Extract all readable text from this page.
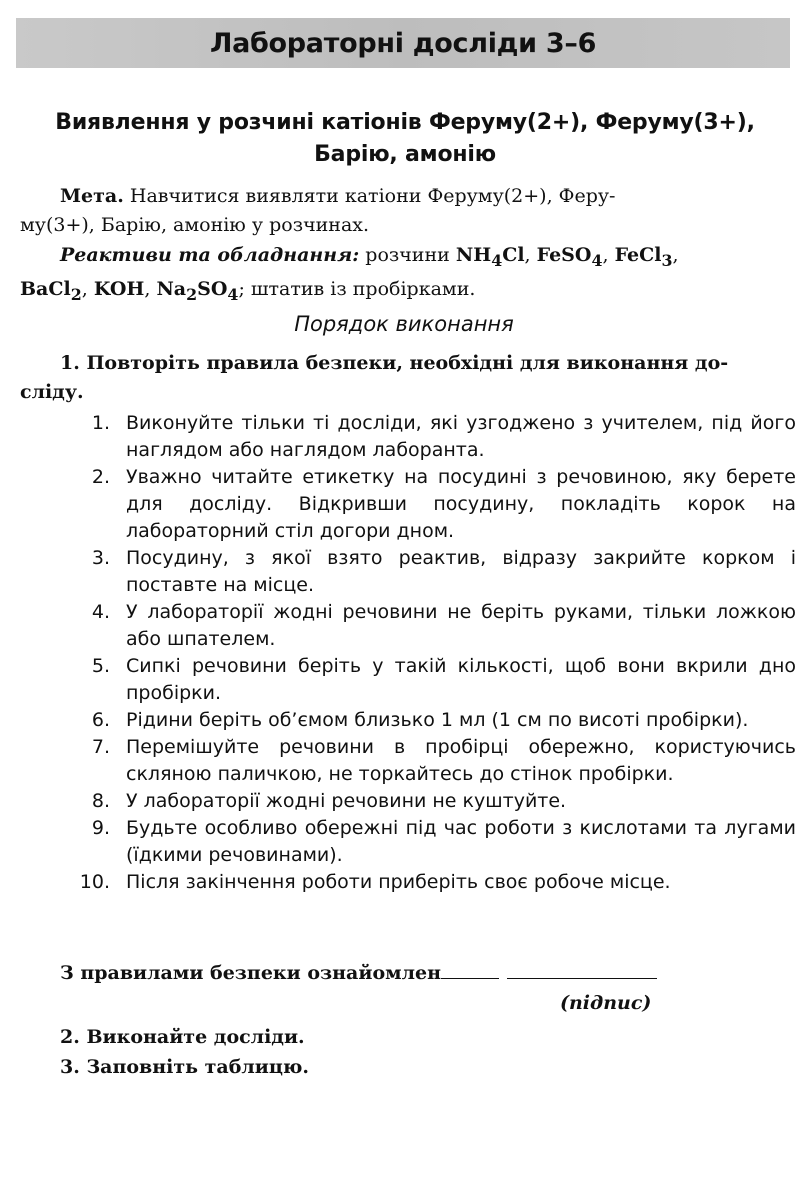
Лабораторні досліди 3–6
Виявлення у розчині катіонів Феруму(2+), Феруму(3+),
Барію, амонію
Мета. Навчитися виявляти катіони Феруму(2+), Феру-
му(3+), Барію, амонію у розчинах.
Реактиви та обладнання: розчини $NH_4Cl$, FeSO$_4$, FeCl$_3$,
BaCl$_2$, KOH, $Na_2SO_4$; штатив із пробірками.
Порядок виконання
1. Повторіть правила безпеки, необхідні для виконання до-
сліду.
1. Виконуйте тільки ті досліди, які узгоджено з учителем, під його наглядом або наглядом лаборанта.
2. Уважно читайте етикетку на посудині з речовиною, яку берете для досліду. Відкривши посудину, покладіть корок на лабораторний стіл догори дном.
3. Посудину, з якої взято реактив, відразу закрийте корком і поставте на місце.
4. У лабораторії жодні речовини не беріть руками, тільки ложкою або шпателем.
5. Сипкі речовини беріть у такій кількості, щоб вони вкрили дно пробірки.
6. Рідини беріть об’ємом близько 1 мл (1 см по висоті пробірки).
7. Перемішуйте речовини в пробірці обережно, користуючись скляною паличкою, не торкайтесь до стінок пробірки.
8. У лабораторії жодні речовини не куштуйте.
9. Будьте особливо обережні під час роботи з кислотами та лугами (їдкими речовинами).
10. Після закінчення роботи приберіть своє робоче місце.
З правилами безпеки ознайомлен
(підпис)
2. Виконайте досліди.
3. Заповніть таблицю.
